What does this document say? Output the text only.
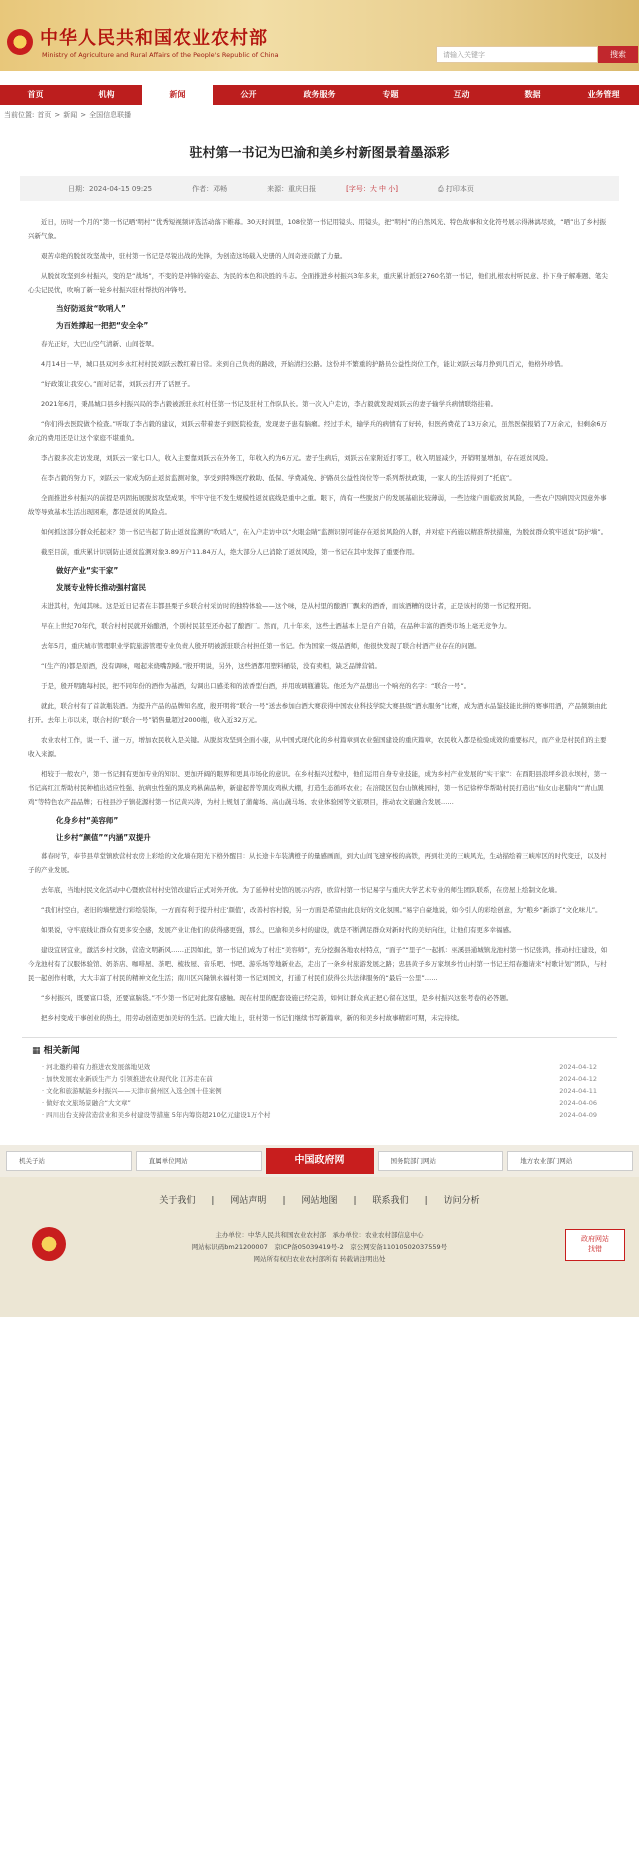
中华人民共和国农业农村部
Ministry of Agriculture and Rural Affairs of the People's Republic of China	请输入关键字	搜索
首页	机构	新闻	公开	政务服务	专题	互动	数据	业务管理
当前位置: 首页 > 新闻 > 全国信息联播
驻村第一书记为巴渝和美乡村新图景着墨添彩
日期：2024-04-15 09:25	作者：邓畅	来源：重庆日报	[字号：大 中 小]	⎙ 打印本页
近日，历时一个月的“第一书记晒‘明村’”优秀短视频评选活动落下帷幕。30天时间里，108位第一书记用镜头、用镜头，把“明村”的自然风光、特色故事和文化符号展示得淋漓尽致，“晒”出了乡村振兴新气象。
艰苦卓绝的脱贫攻坚战中，驻村第一书记是尽锐出战的先锋，为创造这场载入史册的人间奇迹贡献了力量。
从脱贫攻坚到乡村振兴，变的是“战场”，不变的是冲锋的姿态、为民的本色和决胜的斗志。全面推进乡村振兴3年多来，重庆累计派驻2760名第一书记，他们扎根农村听民意、扑下身子解难题、笔尖心尖记民忧，吹响了新一轮乡村振兴驻村帮扶的冲锋号。
当好防返贫“吹哨人”
为百姓撑起一把把“安全伞”
春光正好，大巴山空气清新、山间苍翠。
4月14日一早，城口县双河乡永红村村民刘跃云教红着日常。来到自己负责的路段，开始清扫公路。这份并不繁重的护路员公益性岗位工作，能让刘跃云每月挣到几百元，他格外珍惜。
“好政策让我安心。”面对记者，刘跃云打开了话匣子。
2021年6月，秉昌城口县乡村振兴局的李占毅被派驻永红村任第一书记及驻村工作队队长。第一次入户走访，李占毅就发现刘跃云的妻子输学兵病情联络挂着。
“你们得去医院做个检查。”听取了李占毅的建议，刘跃云带着妻子到医院检查，发现妻子患有脑瘤。经过手术，输学兵的病情有了好转，但医药费花了13万余元，虽然医保报销了7万余元，但剩余6万余元的费用还是让这个家庭不堪重负。
李占毅多次走访发现，刘跃云一家七口人，收入主要靠刘跃云在外务工，年收入约为6万元。妻子生病后，刘跃云在家附近打零工，收入明显减少，开销明显增加，存在返贫风险。
在李占毅的努力下，刘跃云一家成为防止返贫监测对象，享受到特殊医疗救助、低保、学费减免、护路员公益性岗位等一系列帮扶政策，一家人的生活得到了“托底”。
全面推进乡村振兴的前提是巩固拓展脱贫攻坚成果，牢牢守住不发生规模性返贫底线是重中之重。眼下，尚有一些脱贫户的发展基础比较薄弱，一些边缘户面临致贫风险，一些农户因病因灾因意外事故等导致基本生活出现困难，都是返贫的风险点。
如何抓这部分群众托起来？第一书记当起了防止返贫监测的“吹哨人”，在入户走访中以“火眼金睛”监测识别可能存在返贫风险的人群，并对症下药施以精准帮扶措施，为脱贫群众筑牢返贫“防护墙”。
截至目前，重庆累计识别防止返贫监测对象3.89万户11.84万人，绝大部分人已消除了返贫风险，第一书记在其中发挥了重要作用。
做好产业“实干家”
发展专业特长推动强村富民
未进其村，先闻其味。这是近日记者在丰都县栗子乡联合村采访时的独特体验——这个味，是从村里的酿酒厂飘来的酒香，而该酒糟的设计者，正是该村的第一书记程开阳。
早在上世纪70年代，联合村村民就开始酿酒，个别村民甚至还办起了酿酒厂。然而，几十年来，这些土酒基本上是自产自销，在品种丰富的酒类市场上毫无竞争力。
去年5月，重庆城市管理职业学院旅游管理专业负责人殷开明被派驻联合村担任第一书记。作为国家一级品酒师，他很快发现了联合村酒产业存在的问题。
“(生产的)都是原酒，没有调味，喝起来烧嘴刮嗓。”殷开明说，另外，这些酒都用塑料桶装，没有卖相，缺乏品牌营销。
于是，殷开明跑每村民，把不同年份的酒作为基酒，勾调出口感柔和的浓香型白酒，并用玻璃瓶灌装。他还为产品想出一个响亮的名字：“联合一号”。
就此，联合村有了首款瓶装酒。为提升产品的品牌知名度，殷开明将“联合一号”送去参加白酒大赛获得中国农业科技学院大赛县级“酒水服务”比赛，成为酒水品鉴技能比拼的赛事用酒，产品频频由此打开。去年上市以来，联合村的“联合一号”销售量超过2000瓶，收入近32万元。
农业农村工作，说一千、道一万，增加农民收入是关键。从脱贫攻坚到全面小康，从中国式现代化的乡村篇章到农业强国建设的重庆篇章，农民收入都是检验成效的重要标尺，而产业是村民们的主要收入来源。
相较于一般农户，第一书记拥有更加专业的知识、更加开阔的眼界和更具市场化的意识。在乡村振兴过程中，他们运用自身专业技能，成为乡村产业发展的“实干家”：在酉阳县浪坪乡浪水坝村，第一书记高红江帮助村民种植出适应性强、抗病虫性强的黑皮鸡枞菌品种，新建起普等黑皮鸡枞大棚，打造生态循环农业；在涪陵区包台山镇桃园村，第一书记徐梓华帮助村民打造出“仙女山老腊肉”“青山黑鸡”等特色农产品品牌；石柱县沙子镇花源村第一书记黄兴涛，为村上规划了蒲葡场、高山蔬马场、农业体验园等文旅项目，推动农文旅融合发展……
化身乡村“美容师”
让乡村“颜值”“内涵”双提升
暮春时节，奉节县草堂镇欧营村农房上彩绘的文化墙在阳光下格外醒目：从长途卡车装满橙子的量感画面，到大山间飞速穿梭的高铁，再到壮美的三峡风光，生动描绘着三峡库区的时代变迁，以及村子的产业发展。
去年底，当地村民文化活动中心暨欧营村村史馆改建后正式对外开放。为了延伸村史馆的展示内容，欧营村第一书记易宇与重庆大学艺术专业的师生团队联系，在房屋上绘制文化墙。
“我们村空白，老旧的墙壁进行彩绘装饰，一方面有利于提升村庄‘颜值’，改善村容村貌，另一方面是希望由此良好的文化氛围。”易宇自豪地说，如今引人的彩绘创意，为“粮乡”新添了“文化味儿”。
如果说，守牢底线让群众有更多安全感，发展产业让他们的获得感更强，那么，巴渝和美乡村的建设，就是不断满足群众对新时代的美好向往，让他们有更多幸福感。
建设宜居宜业，激活乡村文脉，营造文明新风……正因如此，第一书记们成为了村庄“美容师”，充分挖掘各地农村特点，“面子”“里子”一起抓：巫溪县通城镇龙池村第一书记张鸿，推动村庄建设，如今龙池村有了汉服体验馆、奶茶店、咖啡屋、茶吧、梳妆屋、音乐吧、书吧、游乐场等地新业态，走出了一条乡村旅游发展之路；忠县黄子乡万家坝乡竹山村第一书记王绍春邀请来“村歌计划”团队，与村民一起创作村歌，大大丰富了村民的精神文化生活；南川区兴隆镇永福村第一书记刘国文，打通了村民们获得公共法律服务的“最后一公里”……
“乡村振兴，既要富口袋，还要富脑袋。”不少第一书记对此深有感触。现在村里的配套设施已经完善，如何让群众真正把心留在这里，是乡村振兴这张考卷的必答题。
把乡村变成干事创业的热土，用劳动创造更加美好的生活。巴渝大地上，驻村第一书记们继续书写新篇章，新的和美乡村故事精彩可期，未完待续。
▦ 相关新闻
· 河北邀约着有力推进农发展落地见效	2024-04-12
· 加快发展农业新质生产力 引领推进农业现代化 江苏走在前	2024-04-12
· 文化和旅游赋能乡村振兴——天津市蓟州区入选全国十佳案例	2024-04-11
· 做好农文旅场景融合“大文章”	2024-04-06
· 四川出台支持营造营业和美乡村建设等措施 5年内筹资超210亿元建设1万个村	2024-04-09
机关子站	直属单位网站	中国政府网	国务院部门网站	地方农业部门网站
关于我们 | 网站声明 | 网站地图 | 联系我们 | 访问分析
主办单位：中华人民共和国农业农村部　承办单位：农业农村部信息中心
网站标识码bm21200007　京ICP备05039419号-2　京公网安备11010502037559号
网站所有权归农业农村部所有 转载请注明出处
政府网站
找错
